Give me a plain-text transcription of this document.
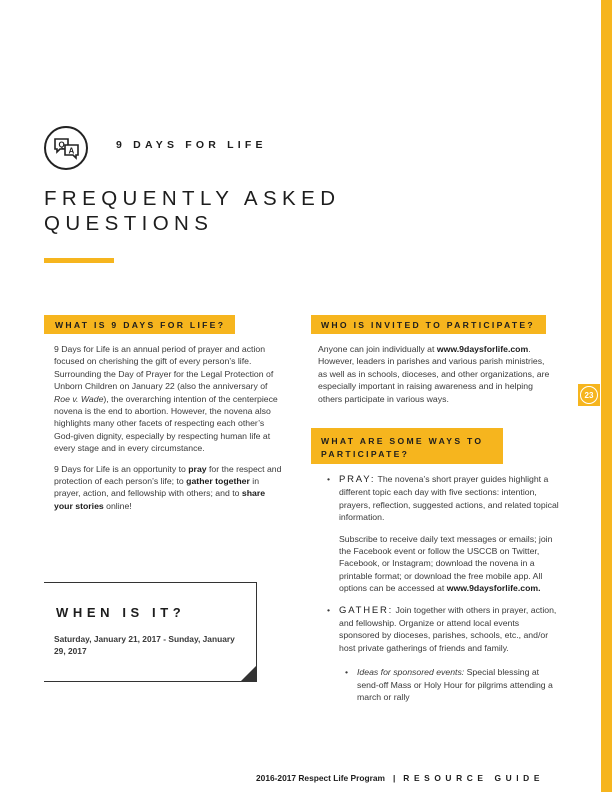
23
Q
A	9 DAYS FOR LIFE
FREQUENTLY ASKED
QUESTIONS
WHAT IS 9 DAYS FOR LIFE?

9 Days for Life is an annual period of prayer and action focused on cherishing the gift of every person’s life. Surrounding the Day of Prayer for the Legal Protection of Unborn Children on January 22 (also the anniversary of Roe v. Wade), the overarching intention of the centerpiece novena is the end to abortion. However, the novena also highlights many other facets of respecting each other’s God-given dignity, especially by respecting human life at every stage and in every circumstance.

9 Days for Life is an opportunity to pray for the respect and protection of each person’s life; to gather together in prayer, action, and fellowship with others; and to share your stories online!

WHEN IS IT?
Saturday, January 21, 2017 - Sunday, January 29, 2017
WHO IS INVITED TO PARTICIPATE?

Anyone can join individually at www.9daysforlife.com. However, leaders in parishes and various parish ministries, as well as in schools, dioceses, and other organizations, are especially important in raising awareness and in helping others participate in various ways.

WHAT ARE SOME WAYS TO PARTICIPATE?
• PRAY: The novena’s short prayer guides highlight a different topic each day with five sections: intention, prayers, reflection, suggested actions, and related topical information.
Subscribe to receive daily text messages or emails; join the Facebook event or follow the USCCB on Twitter, Facebook, or Instagram; download the novena in a printable format; or download the free mobile app. All options can be accessed at www.9daysforlife.com.
• GATHER: Join together with others in prayer, action, and fellowship. Organize or attend local events sponsored by dioceses, parishes, schools, etc., and/or host private gatherings of friends and family.
• Ideas for sponsored events: Special blessing at send-off Mass or Holy Hour for pilgrims attending a march or rally
2016-2017 Respect Life Program | RESOURCE GUIDE
